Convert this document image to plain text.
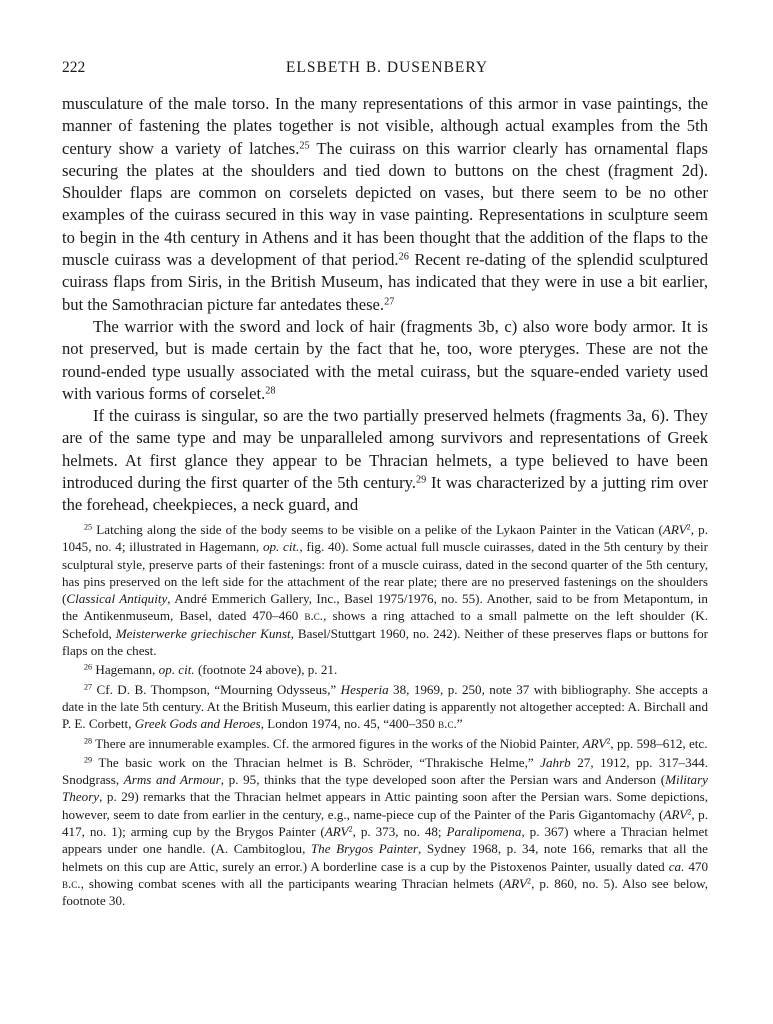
222	ELSBETH B. DUSENBERY

musculature of the male torso. In the many representations of this armor in vase paintings, the manner of fastening the plates together is not visible, although actual examples from the 5th century show a variety of latches.$^{25}$ The cuirass on this warrior clearly has ornamental flaps securing the plates at the shoulders and tied down to buttons on the chest (fragment 2d). Shoulder flaps are common on corselets depicted on vases, but there seem to be no other examples of the cuirass secured in this way in vase painting. Representations in sculpture seem to begin in the 4th century in Athens and it has been thought that the addition of the flaps to the muscle cuirass was a development of that period.$^{26}$ Recent re-dating of the splendid sculptured cuirass flaps from Siris, in the British Museum, has indicated that they were in use a bit earlier, but the Samothracian picture far antedates these.$^{27}$

The warrior with the sword and lock of hair (fragments 3b, c) also wore body armor. It is not preserved, but is made certain by the fact that he, too, wore pteryges. These are not the round-ended type usually associated with the metal cuirass, but the square-ended variety used with various forms of corselet.$^{28}$

If the cuirass is singular, so are the two partially preserved helmets (fragments 3a, 6). They are of the same type and may be unparalleled among survivors and representations of Greek helmets. At first glance they appear to be Thracian helmets, a type believed to have been introduced during the first quarter of the 5th century.$^{29}$ It was characterized by a jutting rim over the forehead, cheekpieces, a neck guard, and

$^{25}$ Latching along the side of the body seems to be visible on a pelike of the Lykaon Painter in the Vatican (ARV$^2$, p. 1045, no. 4; illustrated in Hagemann, op. cit., fig. 40). Some actual full muscle cuirasses, dated in the 5th century by their sculptural style, preserve parts of their fastenings: front of a muscle cuirass, dated in the second quarter of the 5th century, has pins preserved on the left side for the attachment of the rear plate; there are no preserved fastenings on the shoulders (Classical Antiquity, André Emmerich Gallery, Inc., Basel 1975/1976, no. 55). Another, said to be from Metapontum, in the Antikenmuseum, Basel, dated 470–460 b.c., shows a ring attached to a small palmette on the left shoulder (K. Schefold, Meisterwerke griechischer Kunst, Basel/Stuttgart 1960, no. 242). Neither of these preserves flaps or buttons for flaps on the chest.

$^{26}$ Hagemann, op. cit. (footnote 24 above), p. 21.

$^{27}$ Cf. D. B. Thompson, “Mourning Odysseus,” Hesperia 38, 1969, p. 250, note 37 with bibliography. She accepts a date in the late 5th century. At the British Museum, this earlier dating is apparently not altogether accepted: A. Birchall and P. E. Corbett, Greek Gods and Heroes, London 1974, no. 45, “400–350 b.c.”

$^{28}$ There are innumerable examples. Cf. the armored figures in the works of the Niobid Painter, ARV$^2$, pp. 598–612, etc.

$^{29}$ The basic work on the Thracian helmet is B. Schröder, “Thrakische Helme,” Jahrb 27, 1912, pp. 317–344. Snodgrass, Arms and Armour, p. 95, thinks that the type developed soon after the Persian wars and Anderson (Military Theory, p. 29) remarks that the Thracian helmet appears in Attic painting soon after the Persian wars. Some depictions, however, seem to date from earlier in the century, e.g., name-piece cup of the Painter of the Paris Gigantomachy (ARV$^2$, p. 417, no. 1); arming cup by the Brygos Painter (ARV$^2$, p. 373, no. 48; Paralipomena, p. 367) where a Thracian helmet appears under one handle. (A. Cambitoglou, The Brygos Painter, Sydney 1968, p. 34, note 166, remarks that all the helmets on this cup are Attic, surely an error.) A borderline case is a cup by the Pistoxenos Painter, usually dated ca. 470 b.c., showing combat scenes with all the participants wearing Thracian helmets (ARV$^2$, p. 860, no. 5). Also see below, footnote 30.
